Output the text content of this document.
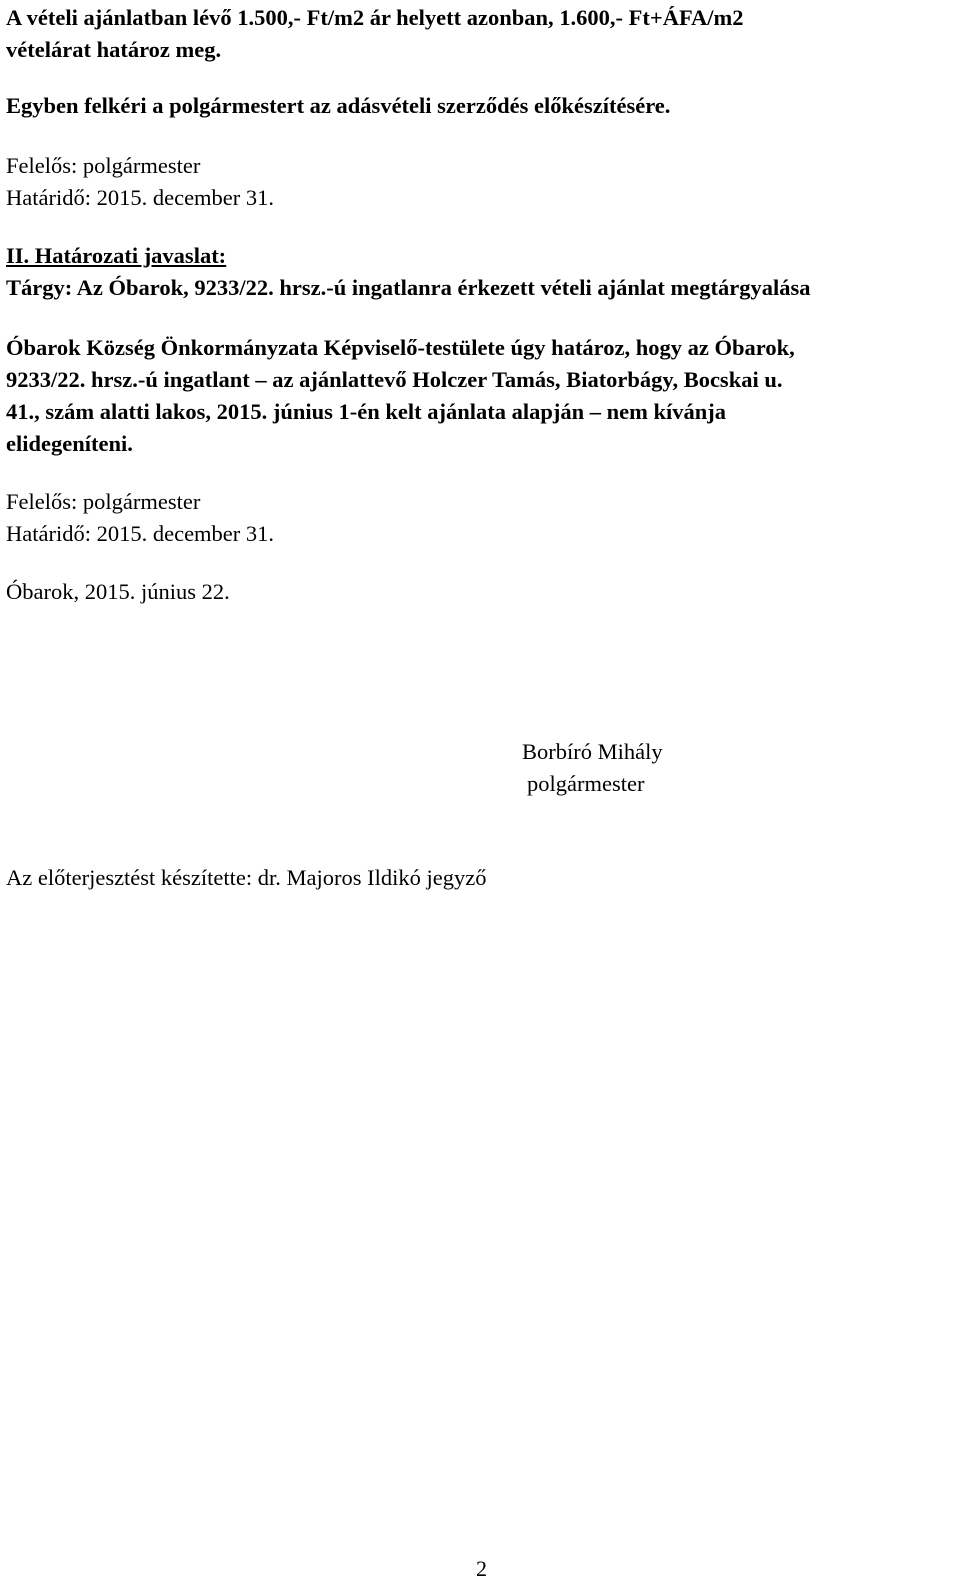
A vételi ajánlatban lévő 1.500,- Ft/m2 ár helyett azonban, 1.600,- Ft+ÁFA/m2
vételárat határoz meg.
Egyben felkéri a polgármestert az adásvételi szerződés előkészítésére.
Felelős: polgármester
Határidő: 2015. december 31.
II. Határozati javaslat:
Tárgy: Az Óbarok, 9233/22. hrsz.-ú ingatlanra érkezett vételi ajánlat megtárgyalása
Óbarok Község Önkormányzata Képviselő-testülete úgy határoz, hogy az Óbarok,
9233/22. hrsz.-ú ingatlant – az ajánlattevő Holczer Tamás, Biatorbágy, Bocskai u.
41., szám alatti lakos, 2015. június 1-én kelt ajánlata alapján – nem kívánja
elidegeníteni.
Felelős: polgármester
Határidő: 2015. december 31.
Óbarok, 2015. június 22.
Borbíró Mihály
polgármester
Az előterjesztést készítette: dr. Majoros Ildikó jegyző
2
